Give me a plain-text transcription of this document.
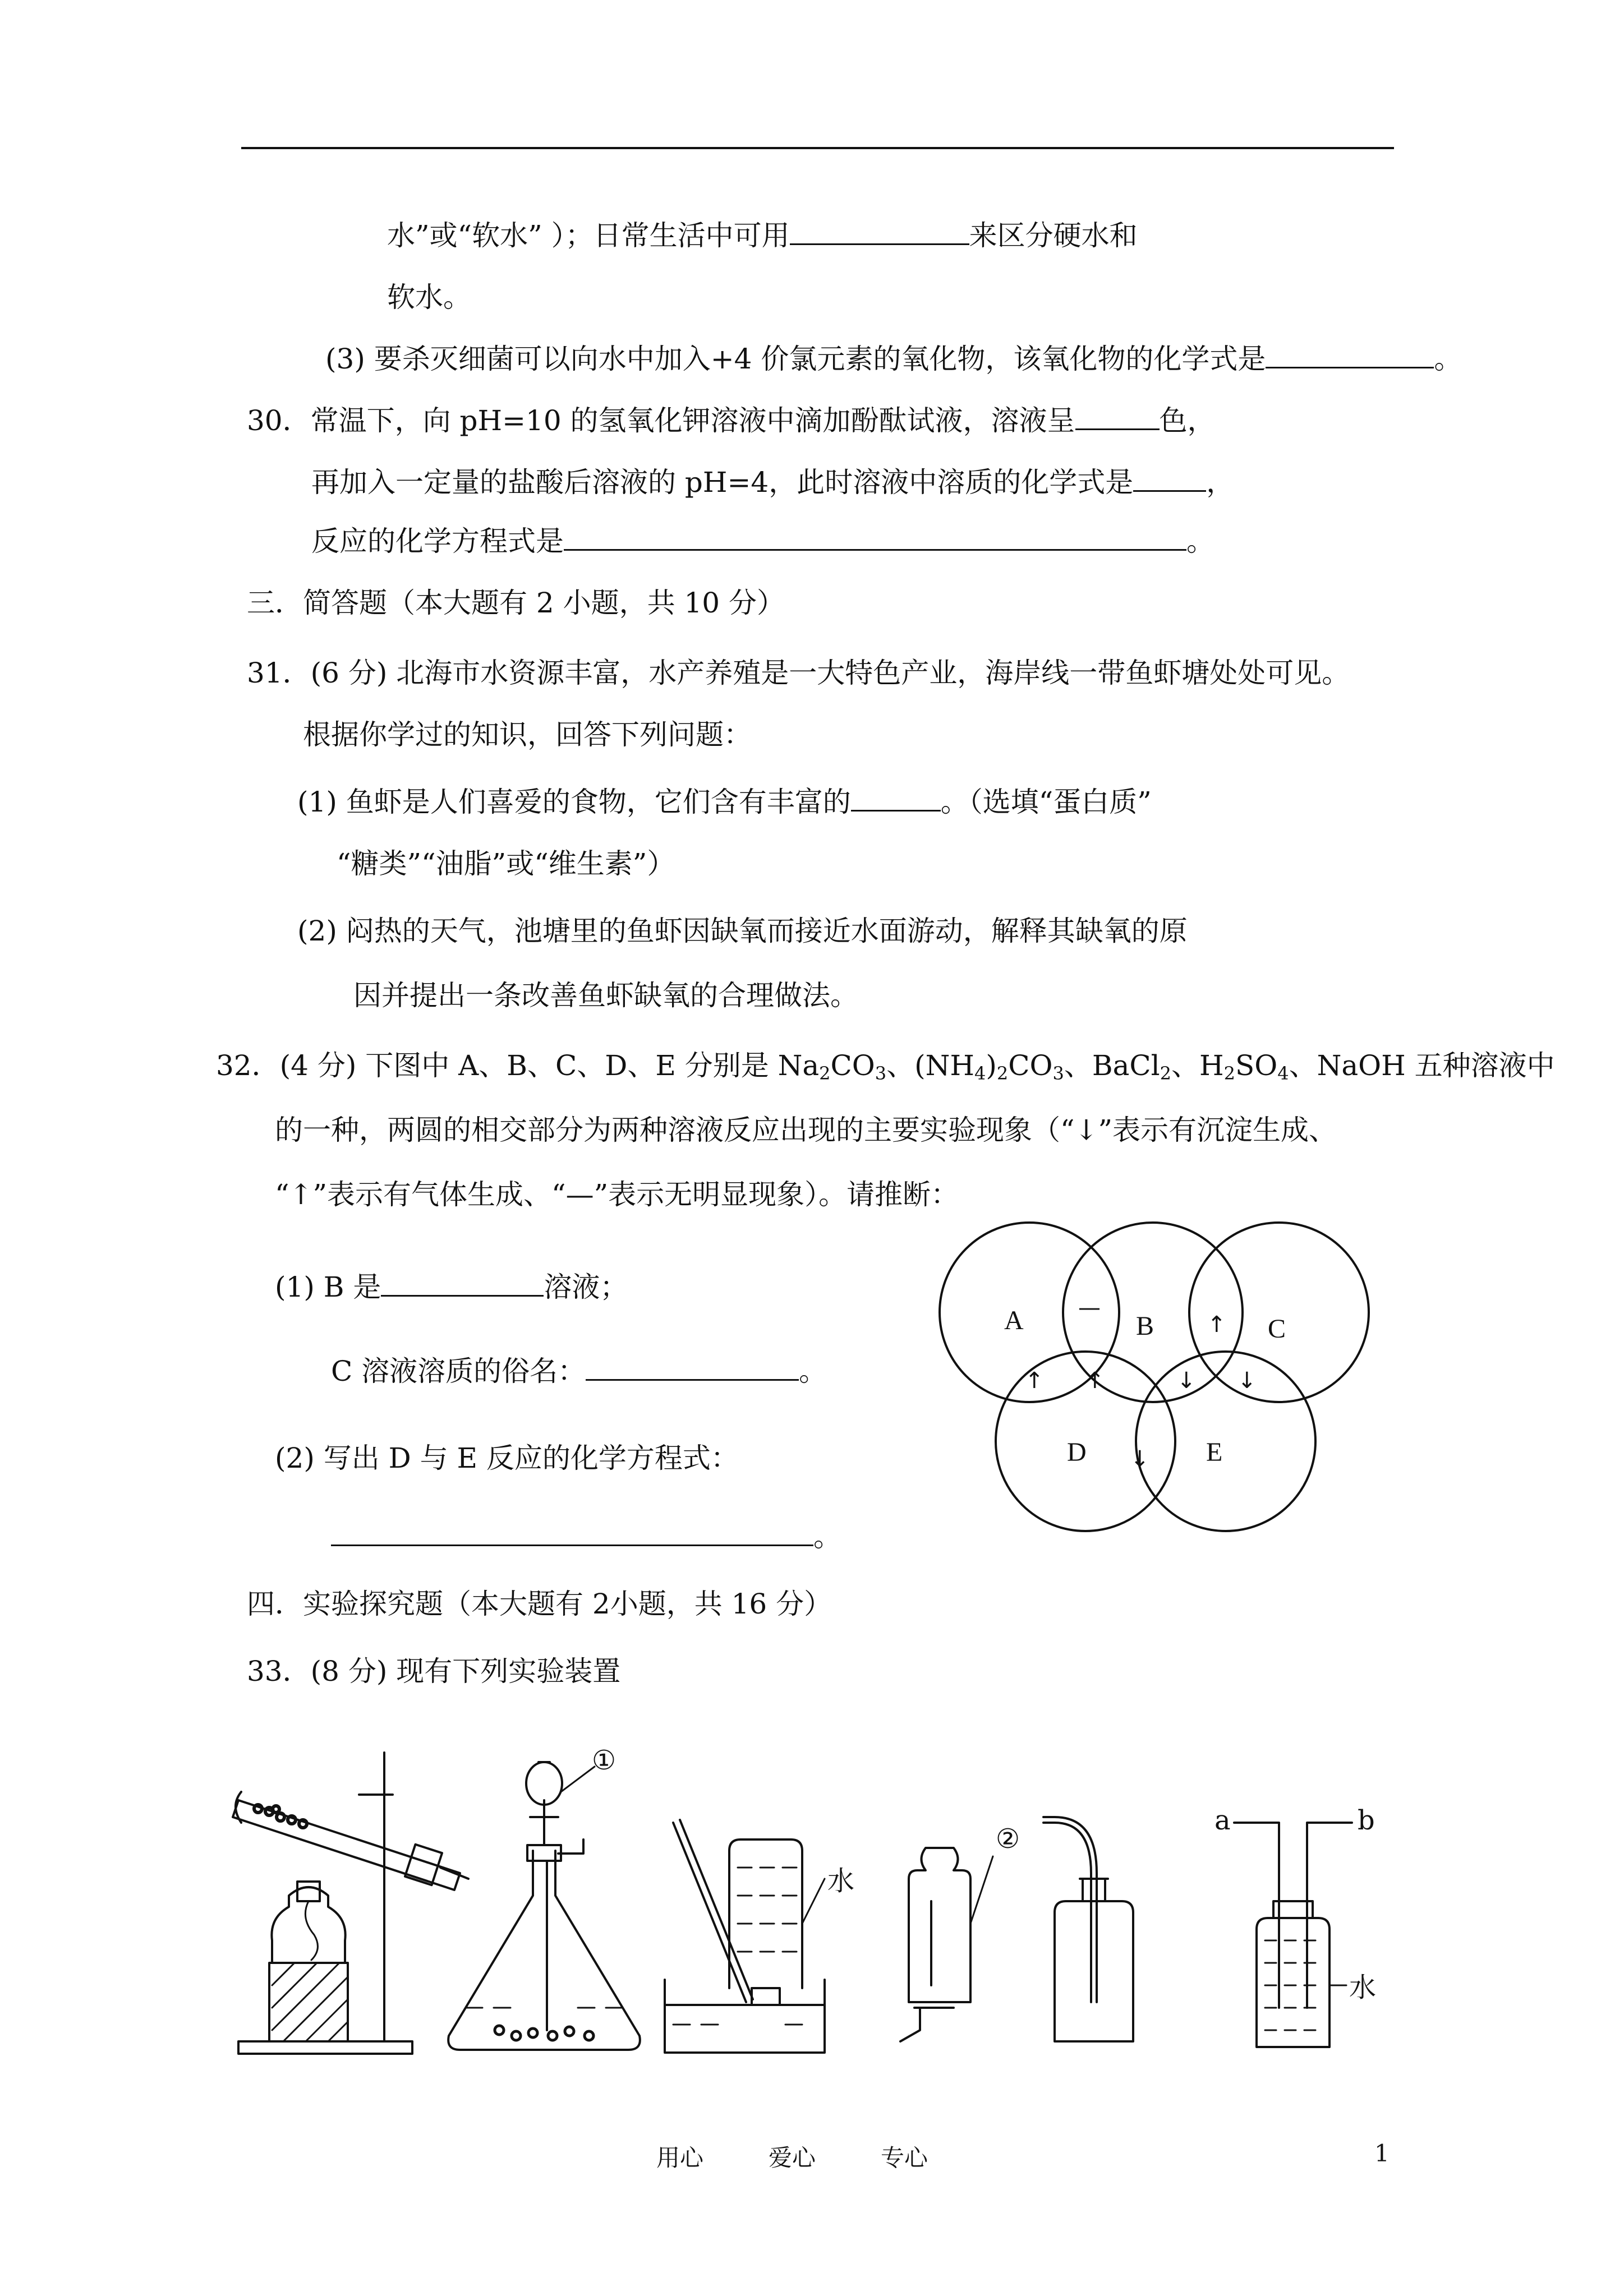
水”或“软水” ）；日常生活中可用	来区分硬水和
软水。
(3) 要杀灭细菌可以向水中加入+4 价氯元素的氧化物，该氧化物的化学式是	。
30．常温下，向 pH=10 的氢氧化钾溶液中滴加酚酞试液，溶液呈	色，
再加入一定量的盐酸后溶液的 pH=4，此时溶液中溶质的化学式是	，
反应的化学方程式是	。
三．简答题（本大题有 2 小题，共 10 分）
31．(6 分) 北海市水资源丰富，水产养殖是一大特色产业，海岸线一带鱼虾塘处处可见。
根据你学过的知识，回答下列问题：
(1) 鱼虾是人们喜爱的食物，它们含有丰富的	。（选填“蛋白质”
“糖类”“油脂”或“维生素”）
(2) 闷热的天气，池塘里的鱼虾因缺氧而接近水面游动，解释其缺氧的原
因并提出一条改善鱼虾缺氧的合理做法。
32．(4 分) 下图中 A、B、C、D、E 分别是 $Na_2CO_3$、$(NH_4)_2CO_3$、BaCl$_2$、$H_2SO_4$、NaOH 五种溶液中
的一种，两圆的相交部分为两种溶液反应出现的主要实验现象（“↓”表示有沉淀生成、
“↑”表示有气体生成、“—”表示无明显现象）。请推断：
(1) B 是	溶液；
C 溶液溶质的俗名：	。
(2) 写出 D 与 E 反应的化学方程式：
。
A	B	C
D	E
—
↑
↑ ↑	↓ ↓
↓
四．实验探究题（本大题有 2小题，共 16 分）
33．(8 分) 现有下列实验装置
①
②
水
水
a	b
用心	爱心	专心	1
